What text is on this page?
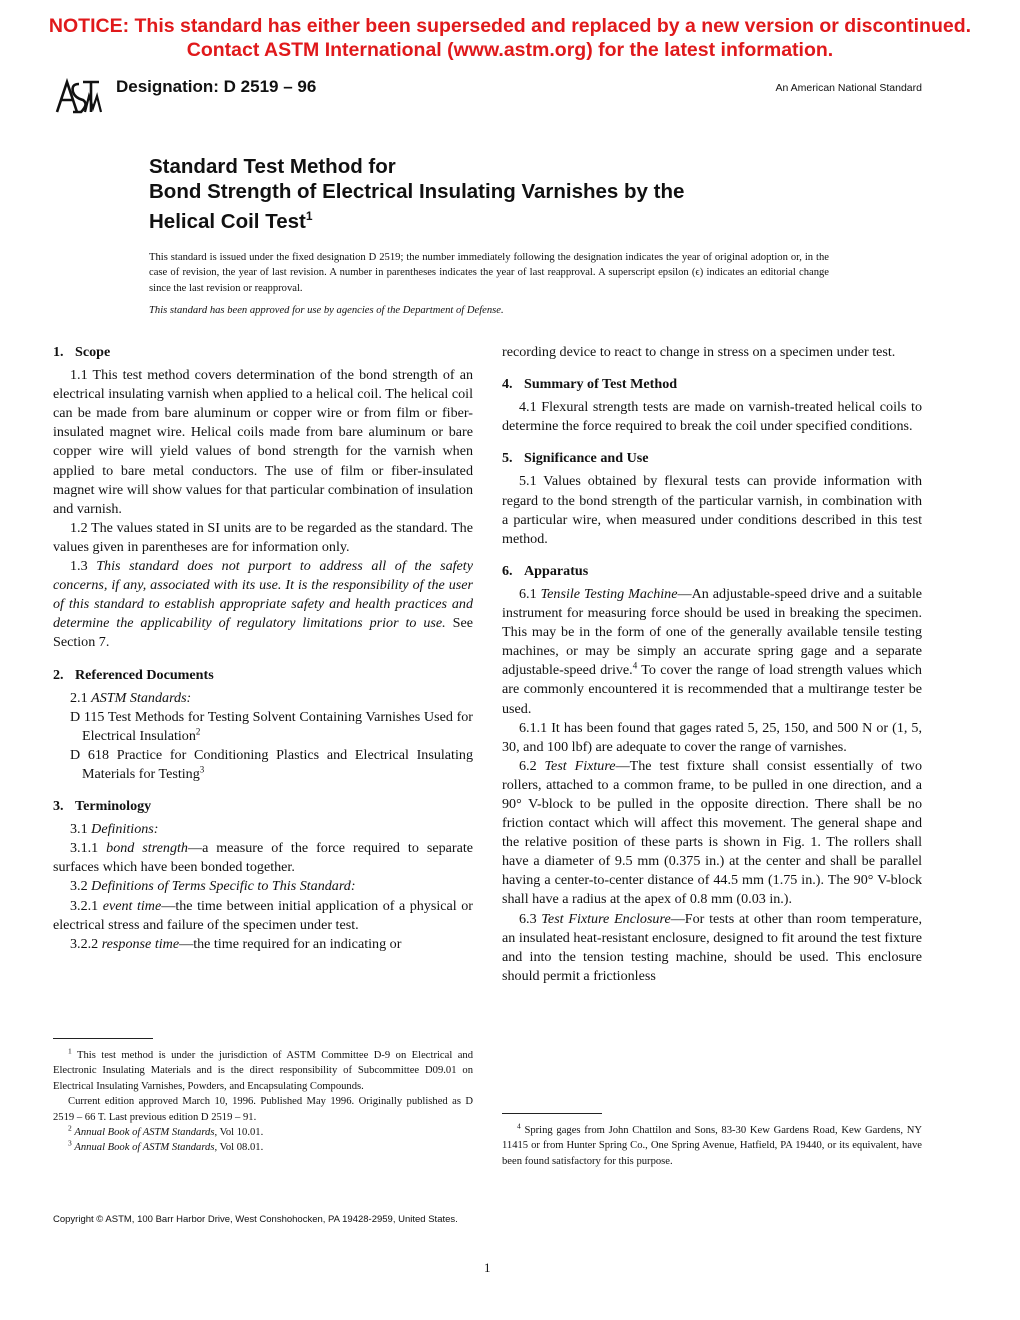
NOTICE: This standard has either been superseded and replaced by a new version or discontinued.
Contact ASTM International (www.astm.org) for the latest information.
ASTM	Designation: D 2519 – 96	An American National Standard
Standard Test Method for
Bond Strength of Electrical Insulating Varnishes by the
Helical Coil Test$^1$
This standard is issued under the fixed designation D 2519; the number immediately following the designation indicates the year of original adoption or, in the case of revision, the year of last revision. A number in parentheses indicates the year of last reapproval. A superscript epsilon (ϵ) indicates an editorial change since the last revision or reapproval.
This standard has been approved for use by agencies of the Department of Defense.
1. Scope

1.1 This test method covers determination of the bond strength of an electrical insulating varnish when applied to a helical coil. The helical coil can be made from bare aluminum or copper wire or from film or fiber-insulated magnet wire. Helical coils made from bare aluminum or bare copper wire will yield values of bond strength for the varnish when applied to bare metal conductors. The use of film or fiber-insulated magnet wire will show values for that particular combination of insulation and varnish.

1.2 The values stated in SI units are to be regarded as the standard. The values given in parentheses are for information only.

1.3 This standard does not purport to address all of the safety concerns, if any, associated with its use. It is the responsibility of the user of this standard to establish appropriate safety and health practices and determine the applicability of regulatory limitations prior to use. See Section 7.

2. Referenced Documents

2.1 ASTM Standards:

D 115 Test Methods for Testing Solvent Containing Varnishes Used for Electrical Insulation$^2$

D 618 Practice for Conditioning Plastics and Electrical Insulating Materials for Testing$^3$

3. Terminology

3.1 Definitions:

3.1.1 bond strength—a measure of the force required to separate surfaces which have been bonded together.

3.2 Definitions of Terms Specific to This Standard:

3.2.1 event time—the time between initial application of a physical or electrical stress and failure of the specimen under test.

3.2.2 response time—the time required for an indicating or

recording device to react to change in stress on a specimen under test.

4. Summary of Test Method

4.1 Flexural strength tests are made on varnish-treated helical coils to determine the force required to break the coil under specified conditions.

5. Significance and Use

5.1 Values obtained by flexural tests can provide information with regard to the bond strength of the particular varnish, in combination with a particular wire, when measured under conditions described in this test method.

6. Apparatus

6.1 Tensile Testing Machine—An adjustable-speed drive and a suitable instrument for measuring force should be used in breaking the specimen. This may be in the form of one of the generally available tensile testing machines, or may be simply an accurate spring gage and a separate adjustable-speed drive.$^4$ To cover the range of load strength values which are commonly encountered it is recommended that a multirange tester be used.

6.1.1 It has been found that gages rated 5, 25, 150, and 500 N or (1, 5, 30, and 100 lbf) are adequate to cover the range of varnishes.

6.2 Test Fixture—The test fixture shall consist essentially of two rollers, attached to a common frame, to be pulled in one direction, and a 90° V-block to be pulled in the opposite direction. There shall be no friction contact which will affect this movement. The general shape and the relative position of these parts is shown in Fig. 1. The rollers shall have a diameter of 9.5 mm (0.375 in.) at the center and shall be parallel having a center-to-center distance of 44.5 mm (1.75 in.). The 90° V-block shall have a radius at the apex of 0.8 mm (0.03 in.).

6.3 Test Fixture Enclosure—For tests at other than room temperature, an insulated heat-resistant enclosure, designed to fit around the test fixture and into the tension testing machine, should be used. This enclosure should permit a frictionless

$^1$ This test method is under the jurisdiction of ASTM Committee D-9 on Electrical and Electronic Insulating Materials and is the direct responsibility of Subcommittee D09.01 on Electrical Insulating Varnishes, Powders, and Encapsulating Compounds.

Current edition approved March 10, 1996. Published May 1996. Originally published as D 2519 – 66 T. Last previous edition D 2519 – 91.

$^2$ Annual Book of ASTM Standards, Vol 10.01.

$^3$ Annual Book of ASTM Standards, Vol 08.01.

$^4$ Spring gages from John Chattilon and Sons, 83-30 Kew Gardens Road, Kew Gardens, NY 11415 or from Hunter Spring Co., One Spring Avenue, Hatfield, PA 19440, or its equivalent, have been found satisfactory for this purpose.

Copyright © ASTM, 100 Barr Harbor Drive, West Conshohocken, PA 19428-2959, United States.
1
